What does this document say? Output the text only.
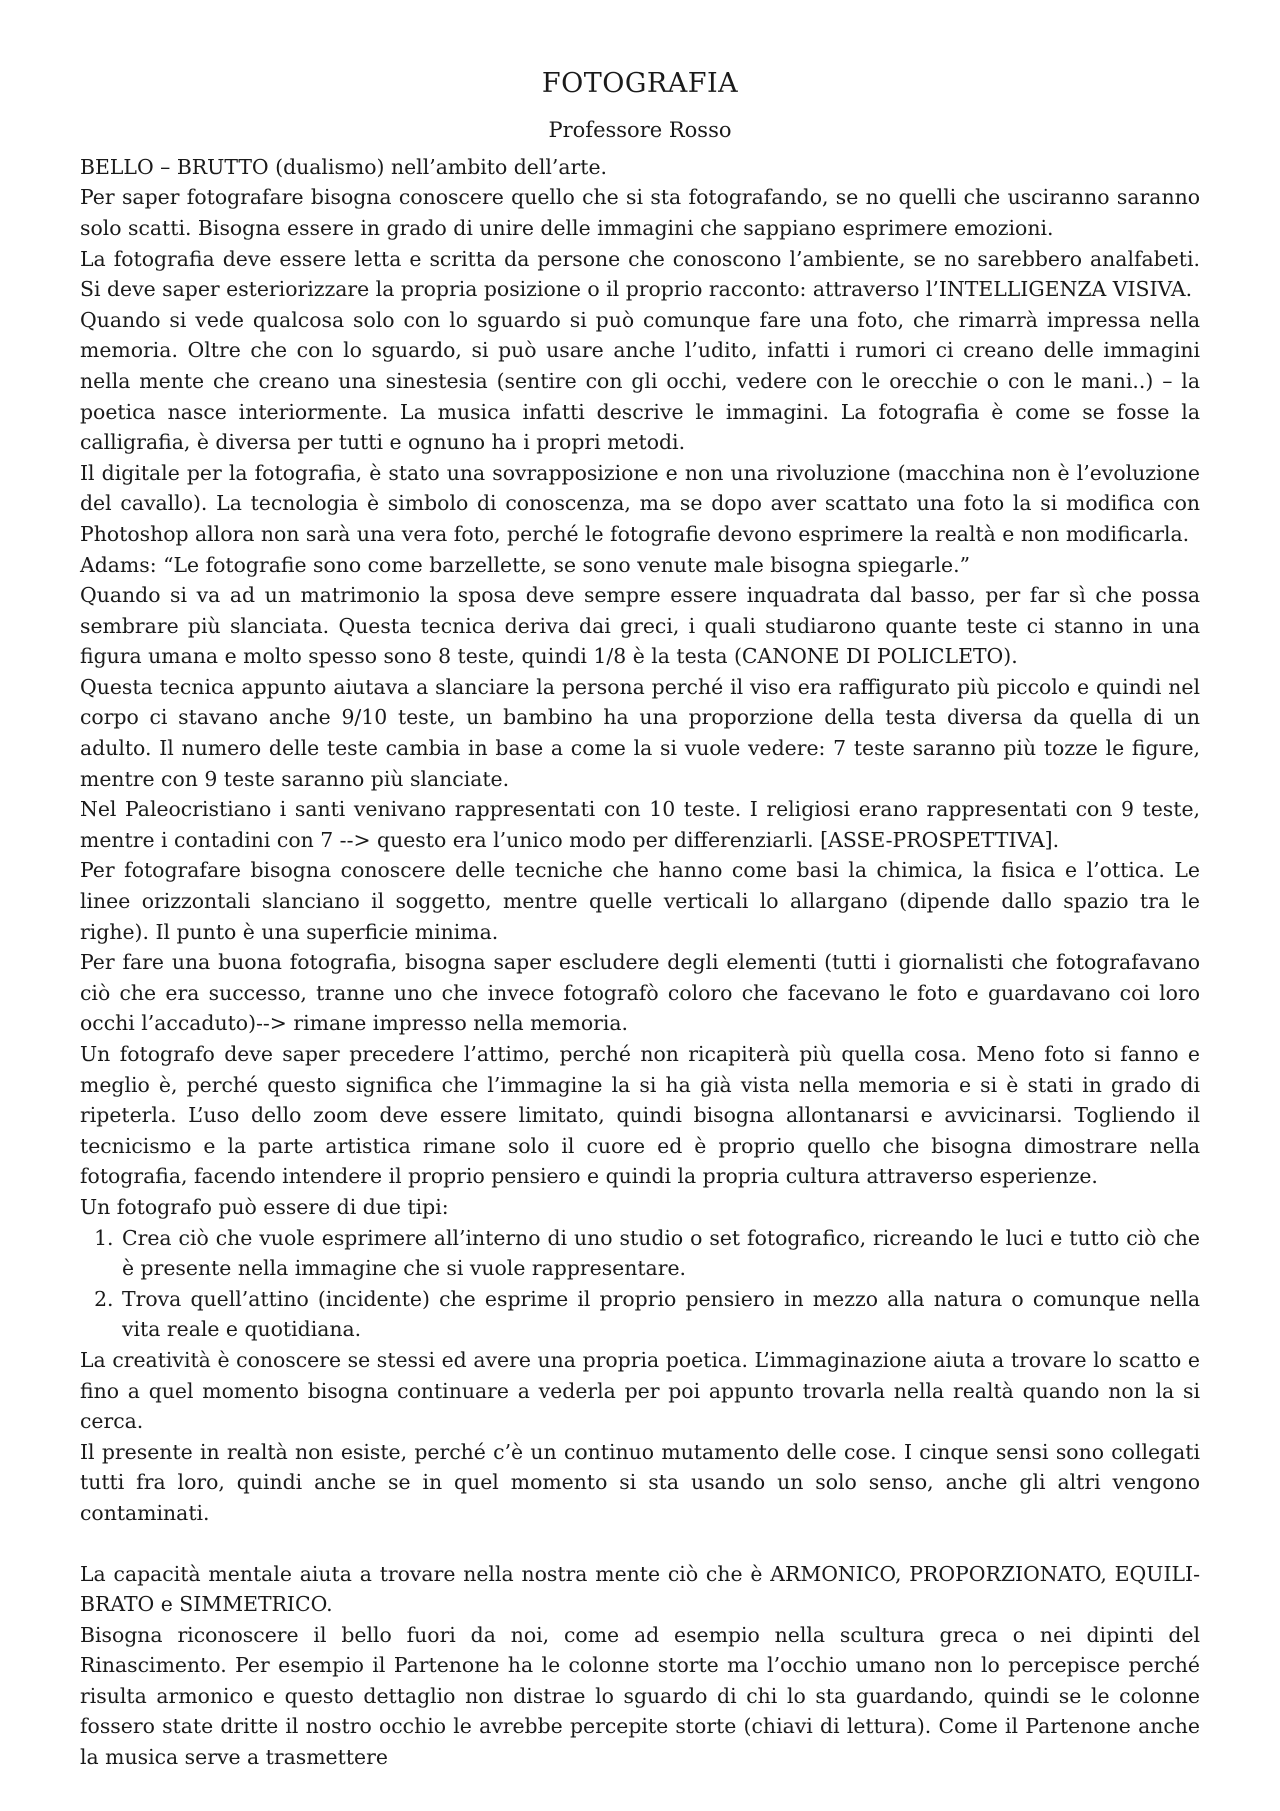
FOTOGRAFIA
Professore Rosso

BELLO – BRUTTO (dualismo) nell’ambito dell’arte.

Per saper fotografare bisogna conoscere quello che si sta fotografando, se no quelli che usciranno saranno solo scatti. Bisogna essere in grado di unire delle immagini che sappiano esprimere emozioni.

La fotografia deve essere letta e scritta da persone che conoscono l’ambiente, se no sarebbero analfabeti. Si deve saper esteriorizzare la propria posizione o il proprio racconto: attraverso l’INTELLIGENZA VISIVA.

Quando si vede qualcosa solo con lo sguardo si può comunque fare una foto, che rimarrà impressa nella memoria. Oltre che con lo sguardo, si può usare anche l’udito, infatti i rumori ci creano delle immagini nella mente che creano una sinestesia (sentire con gli occhi, vedere con le orecchie o con le mani..) – la poetica nasce interiormente. La musica infatti descrive le immagini. La fotografia è come se fosse la calligrafia, è diversa per tutti e ognuno ha i propri metodi.

Il digitale per la fotografia, è stato una sovrapposizione e non una rivoluzione (macchina non è l’evoluzione del cavallo). La tecnologia è simbolo di conoscenza, ma se dopo aver scattato una foto la si modifica con Photoshop allora non sarà una vera foto, perché le fotografie devono esprimere la realtà e non modificarla.

Adams: “Le fotografie sono come barzellette, se sono venute male bisogna spiegarle.”

Quando si va ad un matrimonio la sposa deve sempre essere inquadrata dal basso, per far sì che possa sembrare più slanciata. Questa tecnica deriva dai greci, i quali studiarono quante teste ci stanno in una figura umana e molto spesso sono 8 teste, quindi 1/8 è la testa (CANONE DI POLICLETO).

Questa tecnica appunto aiutava a slanciare la persona perché il viso era raffigurato più piccolo e quindi nel corpo ci stavano anche 9/10 teste, un bambino ha una proporzione della testa diversa da quella di un adulto. Il numero delle teste cambia in base a come la si vuole vedere: 7 teste saranno più tozze le figure, mentre con 9 teste saranno più slanciate.

Nel Paleocristiano i santi venivano rappresentati con 10 teste. I religiosi erano rappresentati con 9 teste, mentre i contadini con 7 --> questo era l’unico modo per differenziarli. [ASSE-PROSPETTIVA].

Per fotografare bisogna conoscere delle tecniche che hanno come basi la chimica, la fisica e l’ottica. Le linee orizzontali slanciano il soggetto, mentre quelle verticali lo allargano (dipende dallo spazio tra le righe). Il punto è una superficie minima.

Per fare una buona fotografia, bisogna saper escludere degli elementi (tutti i giornalisti che fotografavano ciò che era successo, tranne uno che invece fotografò coloro che facevano le foto e guardavano coi loro occhi l’accaduto)--> rimane impresso nella memoria.

Un fotografo deve saper precedere l’attimo, perché non ricapiterà più quella cosa. Meno foto si fanno e meglio è, perché questo significa che l’immagine la si ha già vista nella memoria e si è stati in grado di ripeterla. L’uso dello zoom deve essere limitato, quindi bisogna allontanarsi e avvicinarsi. Togliendo il tecnicismo e la parte artistica rimane solo il cuore ed è proprio quello che bisogna dimostrare nella fotografia, facendo intendere il proprio pensiero e quindi la propria cultura attraverso esperienze.

Un fotografo può essere di due tipi:

1. Crea ciò che vuole esprimere all’interno di uno studio o set fotografico, ricreando le luci e tutto ciò che è presente nella immagine che si vuole rappresentare.
2. Trova quell’attino (incidente) che esprime il proprio pensiero in mezzo alla natura o comunque nella vita reale e quotidiana.

La creatività è conoscere se stessi ed avere una propria poetica. L’immaginazione aiuta a trovare lo scatto e fino a quel momento bisogna continuare a vederla per poi appunto trovarla nella realtà quando non la si cerca.

Il presente in realtà non esiste, perché c’è un continuo mutamento delle cose. I cinque sensi sono collegati tutti fra loro, quindi anche se in quel momento si sta usando un solo senso, anche gli altri vengono contaminati.

La capacità mentale aiuta a trovare nella nostra mente ciò che è ARMONICO, PROPORZIONATO, EQUILIBRATO e SIMMETRICO.

Bisogna riconoscere il bello fuori da noi, come ad esempio nella scultura greca o nei dipinti del Rinascimento. Per esempio il Partenone ha le colonne storte ma l’occhio umano non lo percepisce perché risulta armonico e questo dettaglio non distrae lo sguardo di chi lo sta guardando, quindi se le colonne fossero state dritte il nostro occhio le avrebbe percepite storte (chiavi di lettura). Come il Partenone anche la musica serve a trasmettere
